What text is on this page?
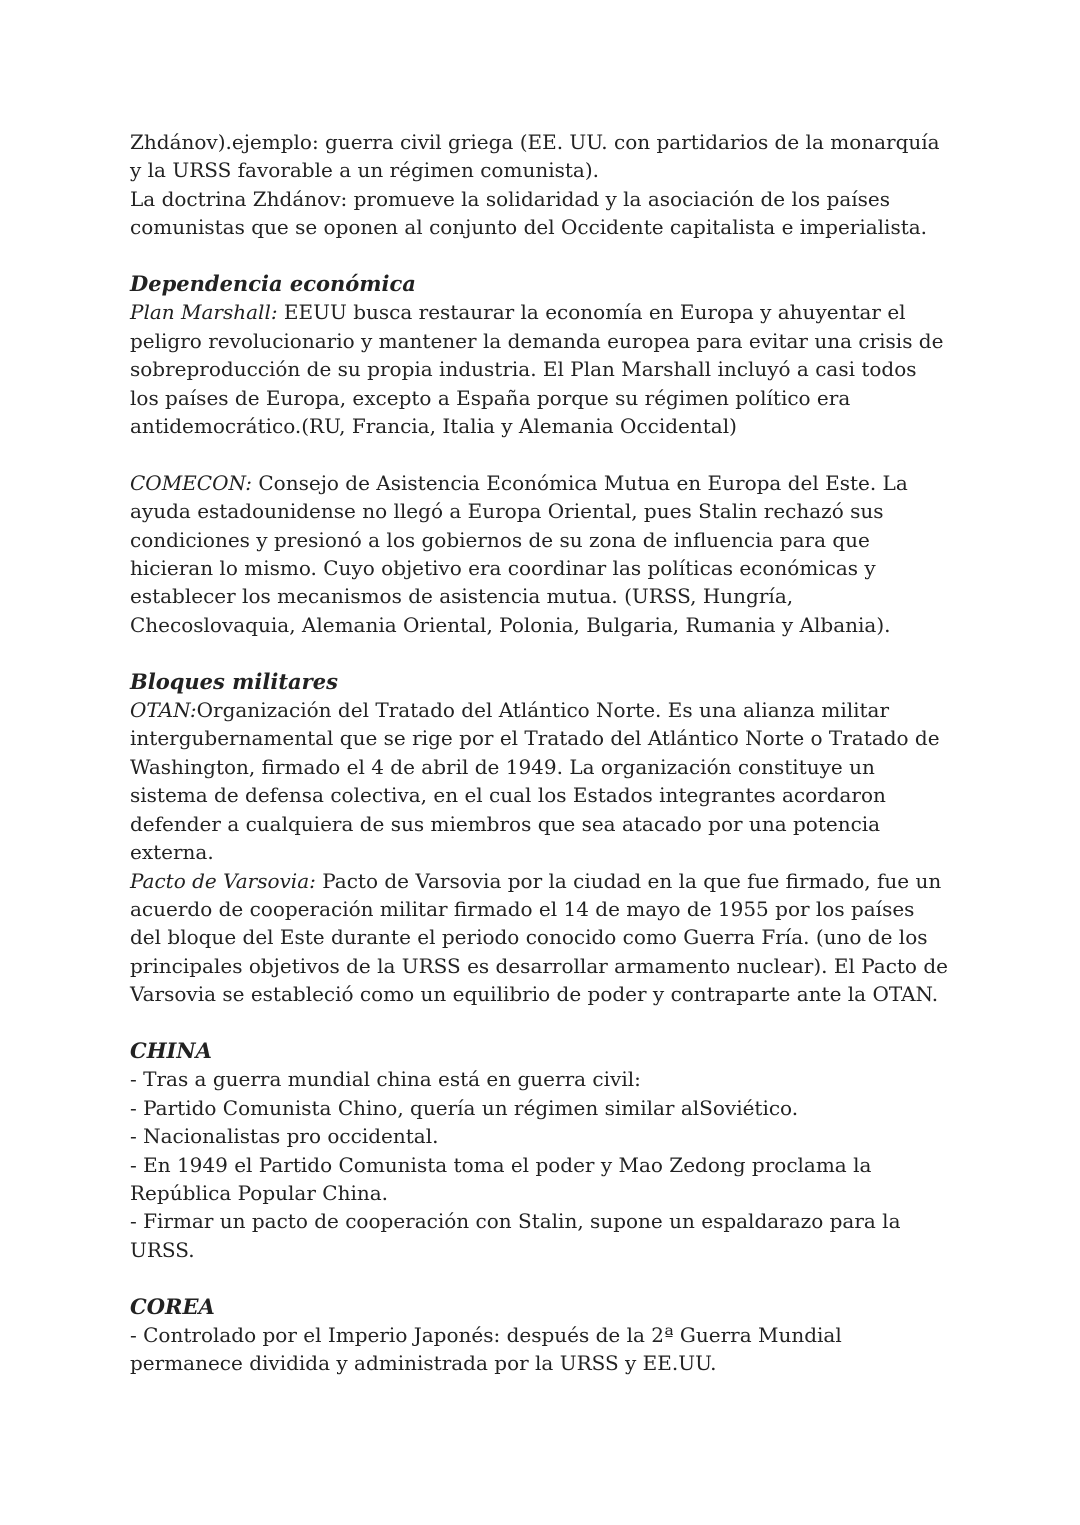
Zhdánov).ejemplo: guerra civil griega (EE. UU. con partidarios de la monarquía y la URSS favorable a un régimen comunista).

La doctrina Zhdánov: promueve la solidaridad y la asociación de los países comunistas que se oponen al conjunto del Occidente capitalista e imperialista.

Dependencia económica

Plan Marshall: EEUU busca restaurar la economía en Europa y ahuyentar el peligro revolucionario y mantener la demanda europea para evitar una crisis de sobreproducción de su propia industria. El Plan Marshall incluyó a casi todos los países de Europa, excepto a España porque su régimen político era antidemocrático.(RU, Francia, Italia y Alemania Occidental)

COMECON: Consejo de Asistencia Económica Mutua en Europa del Este. La ayuda estadounidense no llegó a Europa Oriental, pues Stalin rechazó sus condiciones y presionó a los gobiernos de su zona de influencia para que hicieran lo mismo. Cuyo objetivo era coordinar las políticas económicas y establecer los mecanismos de asistencia mutua. (URSS, Hungría, Checoslovaquia, Alemania Oriental, Polonia, Bulgaria, Rumania y Albania).

Bloques militares

OTAN:Organización del Tratado del Atlántico Norte. Es una alianza militar intergubernamental que se rige por el Tratado del Atlántico Norte o Tratado de Washington, firmado el 4 de abril de 1949. La organización constituye un sistema de defensa colectiva, en el cual los Estados integrantes acordaron defender a cualquiera de sus miembros que sea atacado por una potencia externa.

Pacto de Varsovia: Pacto de Varsovia por la ciudad en la que fue firmado, fue un acuerdo de cooperación militar firmado el 14 de mayo de 1955 por los países del bloque del Este durante el periodo conocido como Guerra Fría. (uno de los principales objetivos de la URSS es desarrollar armamento nuclear). El Pacto de Varsovia se estableció como un equilibrio de poder y contraparte ante la OTAN.

CHINA

- Tras a guerra mundial china está en guerra civil:

- Partido Comunista Chino, quería un régimen similar alSoviético.

- Nacionalistas pro occidental.

- En 1949 el Partido Comunista toma el poder y Mao Zedong proclama la República Popular China.

- Firmar un pacto de cooperación con Stalin, supone un espaldarazo para la URSS.

COREA

- Controlado por el Imperio Japonés: después de la 2ª Guerra Mundial permanece dividida y administrada por la URSS y EE.UU.
